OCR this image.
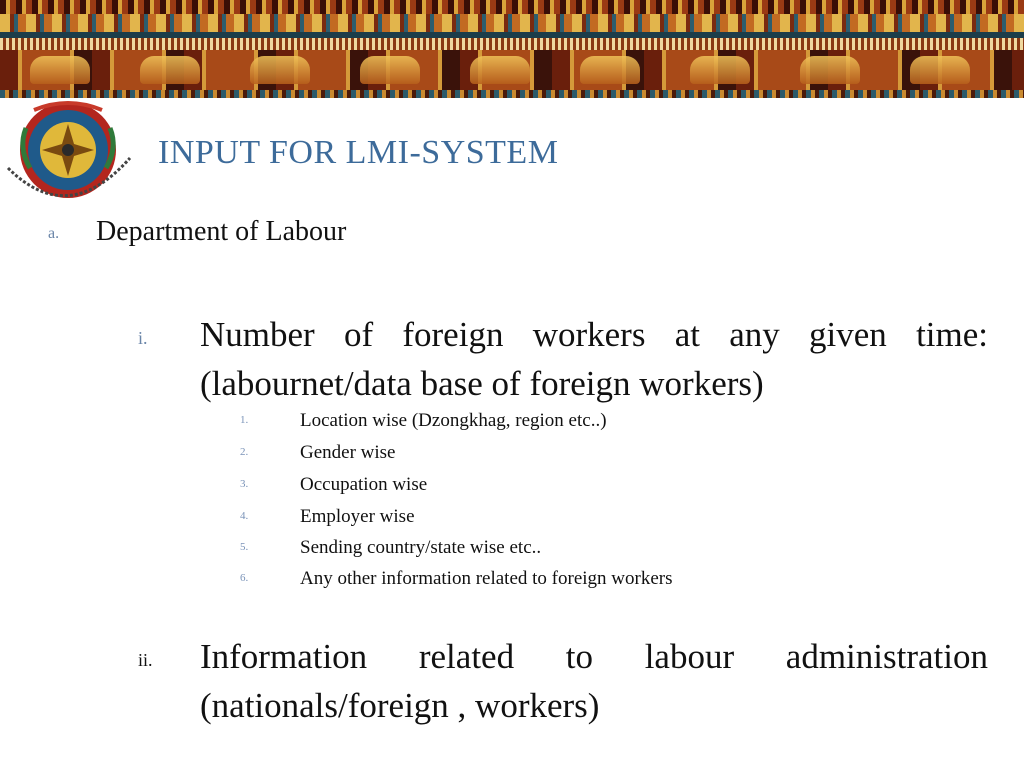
INPUT FOR LMI-SYSTEM
a. Department of Labour
i. Number of foreign workers at any given time: (labournet/data base of foreign workers)
1.	Location wise (Dzongkhag, region etc..)
2.	Gender wise
3.	Occupation wise
4.	Employer wise
5.	Sending country/state wise etc..
6.	Any other information related to foreign workers
ii. Information related to labour administration (nationals/foreign , workers)
